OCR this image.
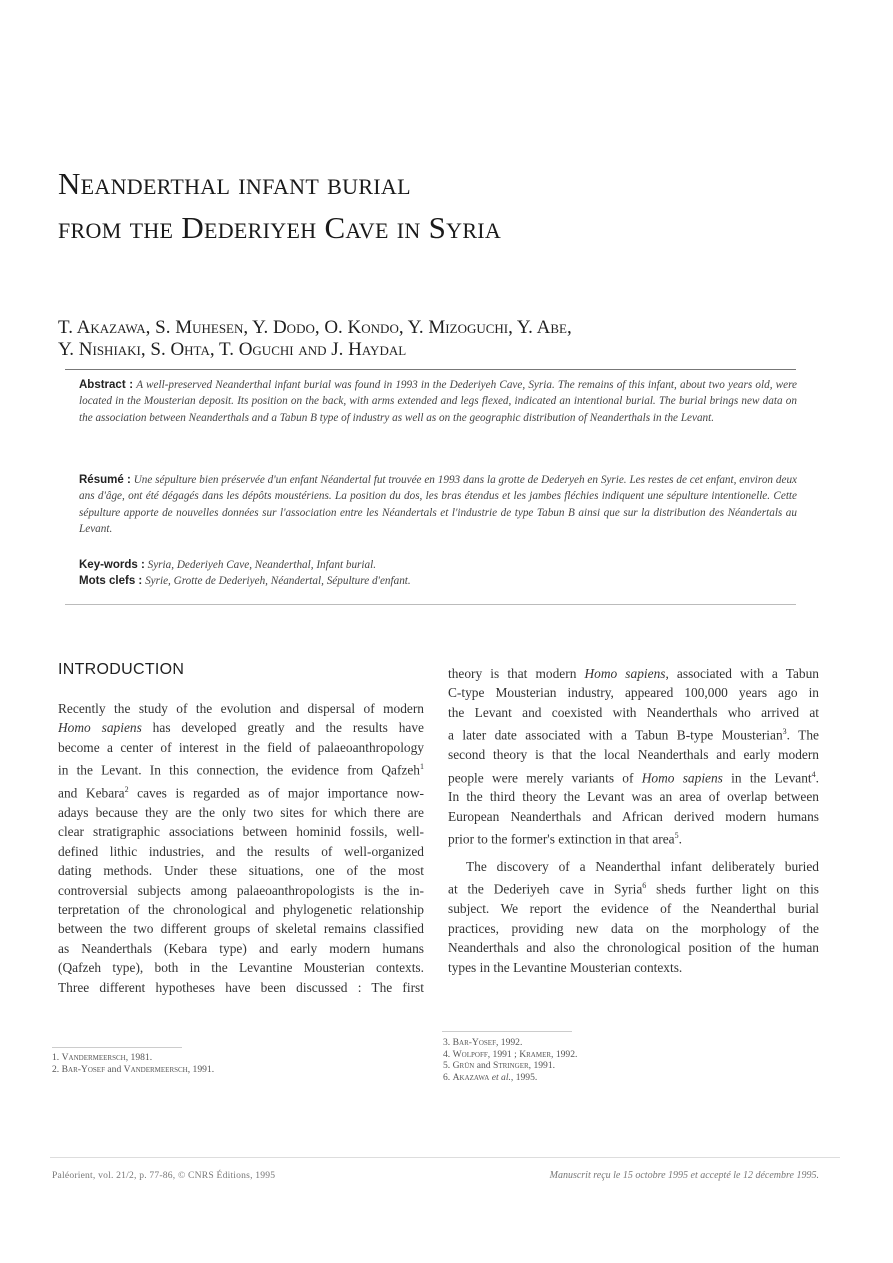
Neanderthal infant burial
from the Dederiyeh Cave in Syria
T. Akazawa, S. Muhesen, Y. Dodo, O. Kondo, Y. Mizoguchi, Y. Abe,
Y. Nishiaki, S. Ohta, T. Oguchi and J. Haydal
Abstract : A well-preserved Neanderthal infant burial was found in 1993 in the Dederiyeh Cave, Syria. The remains of this infant, about two years old, were located in the Mousterian deposit. Its position on the back, with arms extended and legs flexed, indicated an intentional burial. The burial brings new data on the association between Neanderthals and a Tabun B type of industry as well as on the geographic distribution of Neanderthals in the Levant.
Résumé : Une sépulture bien préservée d'un enfant Néandertal fut trouvée en 1993 dans la grotte de Dederyeh en Syrie. Les restes de cet enfant, environ deux ans d'âge, ont été dégagés dans les dépôts moustériens. La position du dos, les bras étendus et les jambes fléchies indiquent une sépulture intentionelle. Cette sépulture apporte de nouvelles données sur l'association entre les Néandertals et l'industrie de type Tabun B ainsi que sur la distribution des Néandertals au Levant.
Key-words : Syria, Dederiyeh Cave, Neanderthal, Infant burial.
Mots clefs : Syrie, Grotte de Dederiyeh, Néandertal, Sépulture d'enfant.
INTRODUCTION
Recently the study of the evolution and dispersal of modern
Homo sapiens has developed greatly and the results have
become a center of interest in the field of palaeoanthropology
in the Levant. In this connection, the evidence from Qafzeh$^1$
and Kebara$^2$ caves is regarded as of major importance now-
adays because they are the only two sites for which there are
clear stratigraphic associations between hominid fossils, well-
defined lithic industries, and the results of well-organized
dating methods. Under these situations, one of the most
controversial subjects among palaeoanthropologists is the in-
terpretation of the chronological and phylogenetic relationship
between the two different groups of skeletal remains classified
as Neanderthals (Kebara type) and early modern humans
(Qafzeh type), both in the Levantine Mousterian contexts.
Three different hypotheses have been discussed : The first
theory is that modern Homo sapiens, associated with a Tabun
C-type Mousterian industry, appeared 100,000 years ago in
the Levant and coexisted with Neanderthals who arrived at
a later date associated with a Tabun B-type Mousterian$^3$. The
second theory is that the local Neanderthals and early modern
people were merely variants of Homo sapiens in the Levant$^4$.
In the third theory the Levant was an area of overlap between
European Neanderthals and African derived modern humans
prior to the former's extinction in that area$^5$.
The discovery of a Neanderthal infant deliberately buried
at the Dederiyeh cave in Syria$^6$ sheds further light on this
subject. We report the evidence of the Neanderthal burial
practices, providing new data on the morphology of the
Neanderthals and also the chronological position of the human
types in the Levantine Mousterian contexts.
1. Vandermeersch, 1981.
2. Bar-Yosef and Vandermeersch, 1991.
3. Bar-Yosef, 1992.
4. Wolpoff, 1991 ; Kramer, 1992.
5. Grün and Stringer, 1991.
6. Akazawa et al., 1995.
Paléorient, vol. 21/2, p. 77-86, © CNRS Éditions, 1995	Manuscrit reçu le 15 octobre 1995 et accepté le 12 décembre 1995.
